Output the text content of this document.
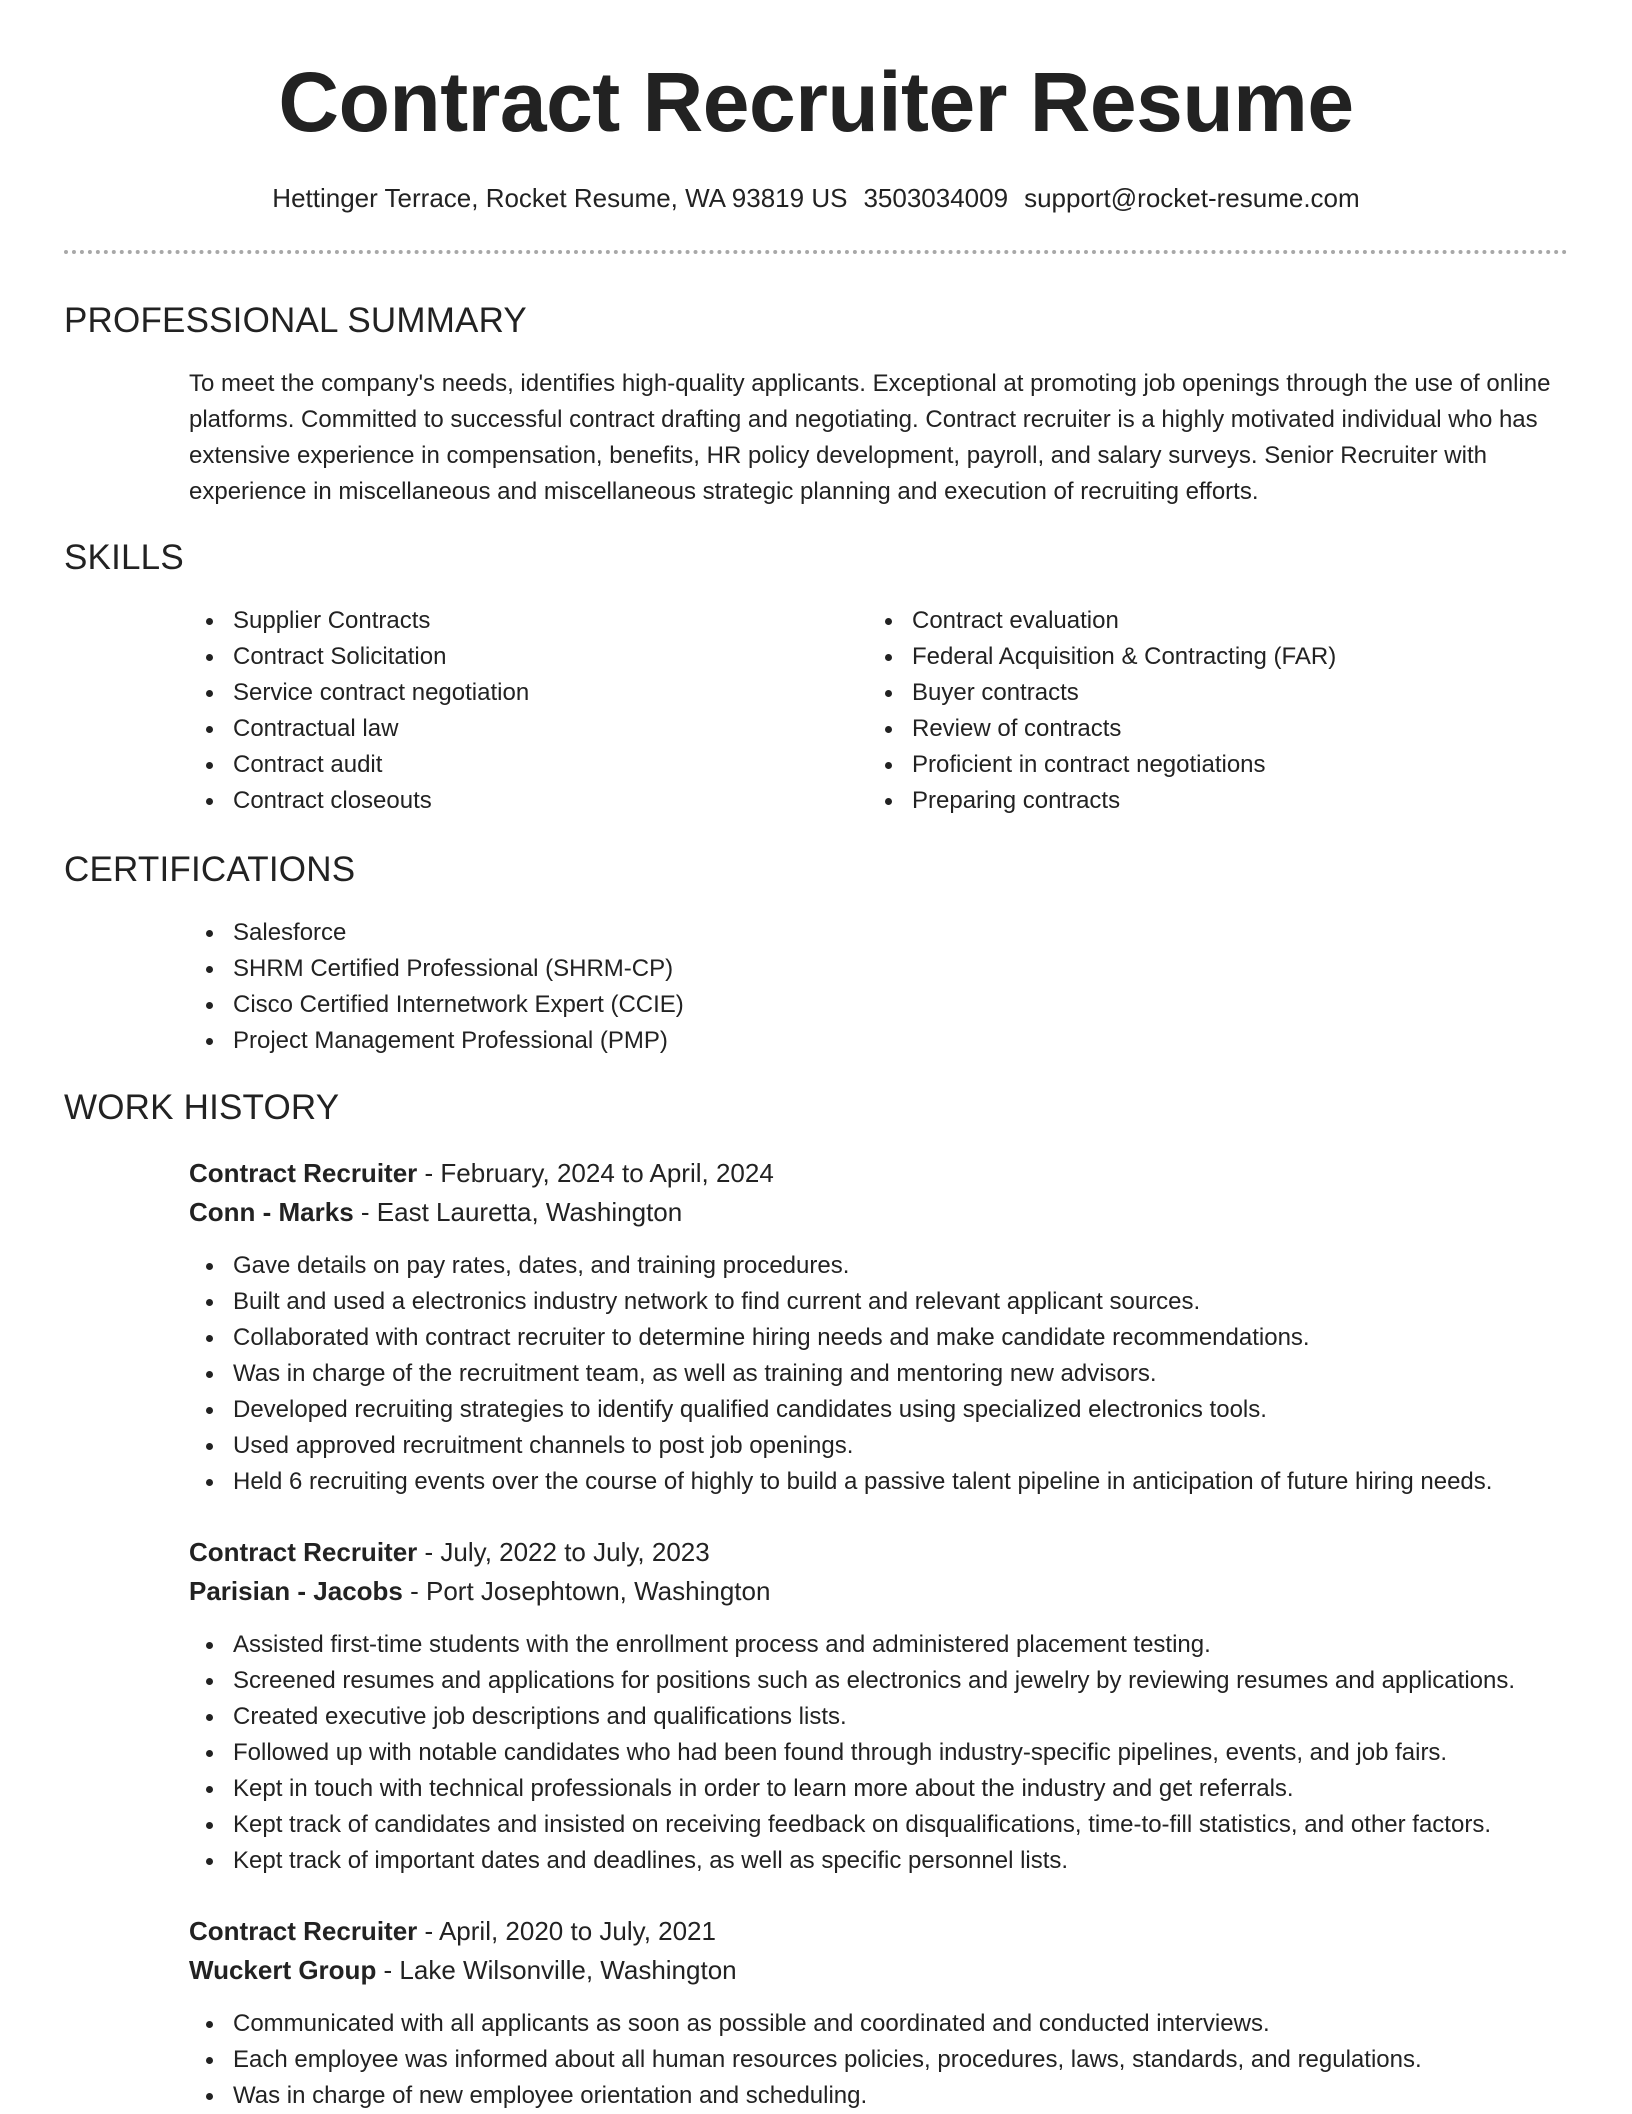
Contract Recruiter Resume
Hettinger Terrace, Rocket Resume, WA 93819 US 3503034009 support@rocket-resume.com
PROFESSIONAL SUMMARY
To meet the company's needs, identifies high-quality applicants. Exceptional at promoting job openings through the use of online platforms. Committed to successful contract drafting and negotiating. Contract recruiter is a highly motivated individual who has extensive experience in compensation, benefits, HR policy development, payroll, and salary surveys. Senior Recruiter with experience in miscellaneous and miscellaneous strategic planning and execution of recruiting efforts.
SKILLS
Supplier Contracts
Contract Solicitation
Service contract negotiation
Contractual law
Contract audit
Contract closeouts
Contract evaluation
Federal Acquisition & Contracting (FAR)
Buyer contracts
Review of contracts
Proficient in contract negotiations
Preparing contracts
CERTIFICATIONS
Salesforce
SHRM Certified Professional (SHRM-CP)
Cisco Certified Internetwork Expert (CCIE)
Project Management Professional (PMP)
WORK HISTORY
Contract Recruiter - February, 2024 to April, 2024
Conn - Marks - East Lauretta, Washington
Gave details on pay rates, dates, and training procedures.
Built and used a electronics industry network to find current and relevant applicant sources.
Collaborated with contract recruiter to determine hiring needs and make candidate recommendations.
Was in charge of the recruitment team, as well as training and mentoring new advisors.
Developed recruiting strategies to identify qualified candidates using specialized electronics tools.
Used approved recruitment channels to post job openings.
Held 6 recruiting events over the course of highly to build a passive talent pipeline in anticipation of future hiring needs.
Contract Recruiter - July, 2022 to July, 2023
Parisian - Jacobs - Port Josephtown, Washington
Assisted first-time students with the enrollment process and administered placement testing.
Screened resumes and applications for positions such as electronics and jewelry by reviewing resumes and applications.
Created executive job descriptions and qualifications lists.
Followed up with notable candidates who had been found through industry-specific pipelines, events, and job fairs.
Kept in touch with technical professionals in order to learn more about the industry and get referrals.
Kept track of candidates and insisted on receiving feedback on disqualifications, time-to-fill statistics, and other factors.
Kept track of important dates and deadlines, as well as specific personnel lists.
Contract Recruiter - April, 2020 to July, 2021
Wuckert Group - Lake Wilsonville, Washington
Communicated with all applicants as soon as possible and coordinated and conducted interviews.
Each employee was informed about all human resources policies, procedures, laws, standards, and regulations.
Was in charge of new employee orientation and scheduling.
